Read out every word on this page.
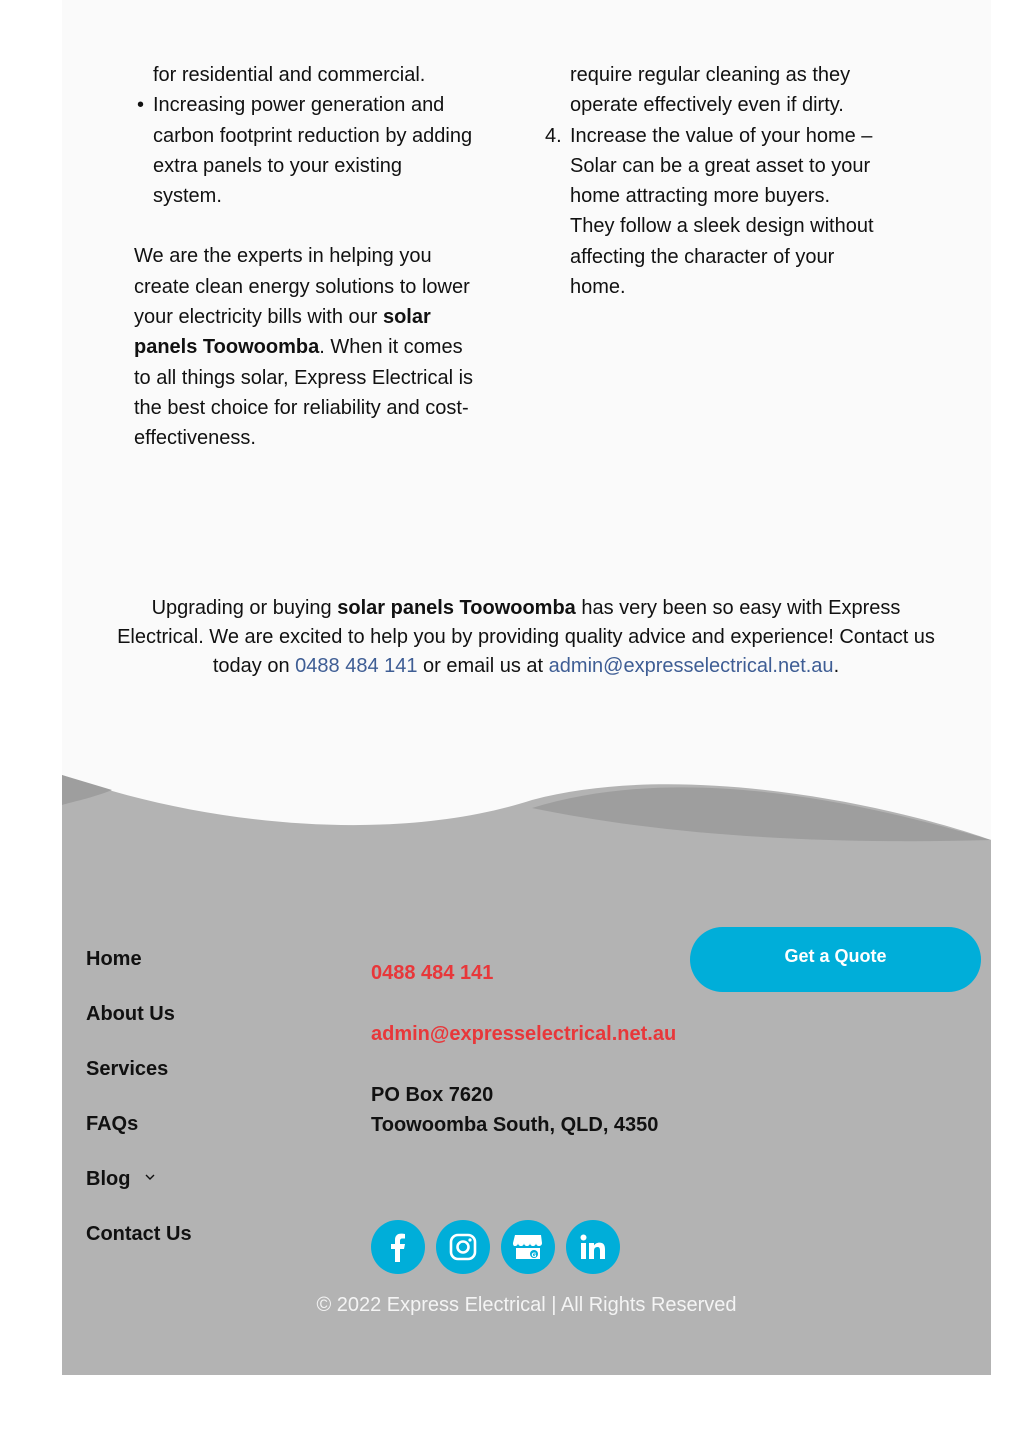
for residential and commercial.
• Increasing power generation and carbon footprint reduction by adding extra panels to your existing system.

We are the experts in helping you create clean energy solutions to lower your electricity bills with our solar panels Toowoomba. When it comes to all things solar, Express Electrical is the best choice for reliability and cost-effectiveness.

require regular cleaning as they operate effectively even if dirty.
4. Increase the value of your home – Solar can be a great asset to your home attracting more buyers. They follow a sleek design without affecting the character of your home.
Upgrading or buying solar panels Toowoomba has very been so easy with Express Electrical. We are excited to help you by providing quality advice and experience! Contact us today on 0488 484 141 or email us at admin@expresselectrical.net.au.
Home
About Us
Services
FAQs
Blog
Contact Us
0488 484 141
admin@expresselectrical.net.au
PO Box 7620
Toowoomba South, QLD, 4350
Get a Quote
G
© 2022 Express Electrical | All Rights Reserved
